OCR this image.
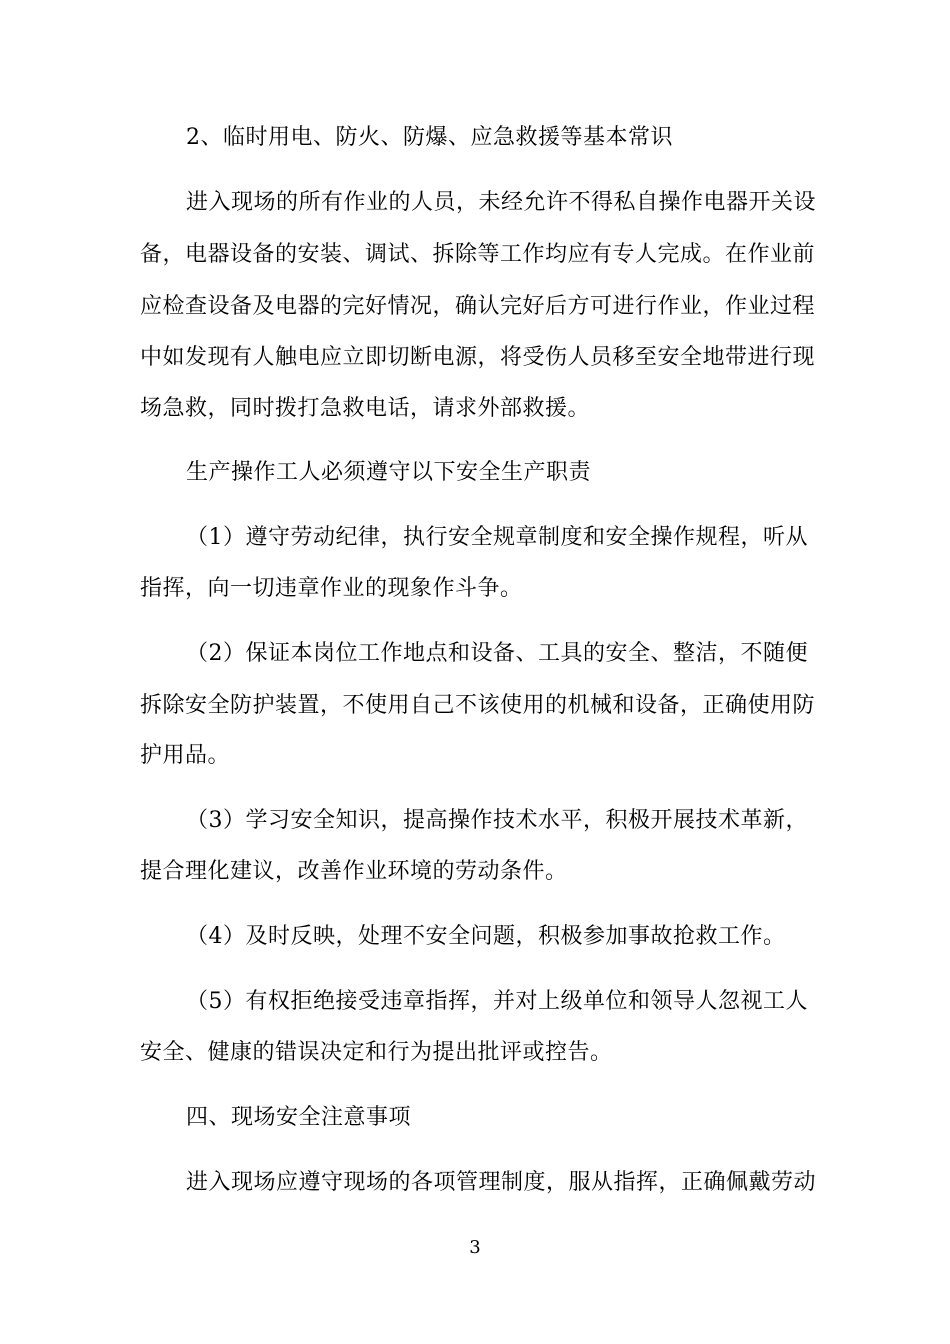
2、临时用电、防火、防爆、应急救援等基本常识
进入现场的所有作业的人员，未经允许不得私自操作电器开关设
备，电器设备的安装、调试、拆除等工作均应有专人完成。在作业前
应检查设备及电器的完好情况，确认完好后方可进行作业，作业过程
中如发现有人触电应立即切断电源，将受伤人员移至安全地带进行现
场急救，同时拨打急救电话，请求外部救援。
生产操作工人必须遵守以下安全生产职责
（1）遵守劳动纪律，执行安全规章制度和安全操作规程，听从
指挥，向一切违章作业的现象作斗争。
（2）保证本岗位工作地点和设备、工具的安全、整洁，不随便
拆除安全防护装置，不使用自己不该使用的机械和设备，正确使用防
护用品。
（3）学习安全知识，提高操作技术水平，积极开展技术革新，
提合理化建议，改善作业环境的劳动条件。
（4）及时反映，处理不安全问题，积极参加事故抢救工作。
（5）有权拒绝接受违章指挥，并对上级单位和领导人忽视工人
安全、健康的错误决定和行为提出批评或控告。
四、现场安全注意事项
进入现场应遵守现场的各项管理制度，服从指挥，正确佩戴劳动
3
